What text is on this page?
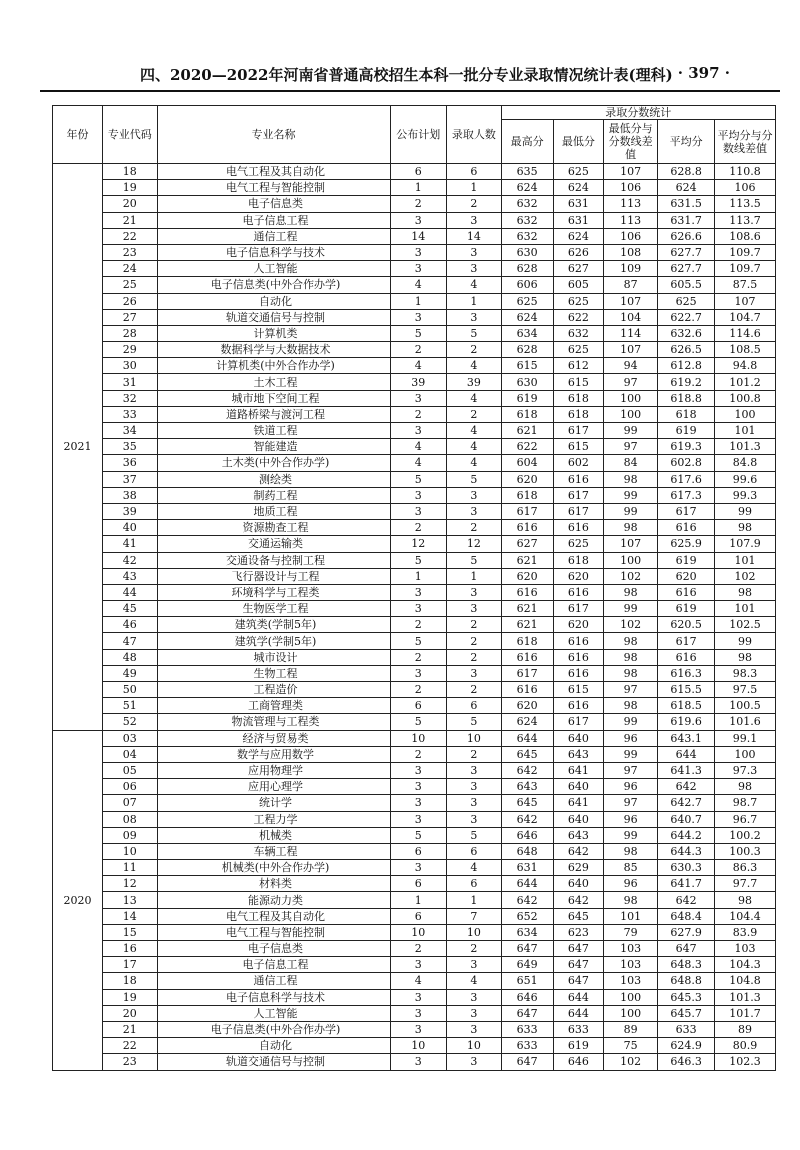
四、2020—2022年河南省普通高校招生本科一批分专业录取情况统计表(理科) · 397 ·
年份	专业代码	专业名称	公布计划	录取人数	录取分数统计				
					最高分	最低分	最低分与分数线差值	平均分	平均分与分数线差值
2021	18	电气工程及其自动化	6	6	635	625	107	628.8	110.8
	19	电气工程与智能控制	1	1	624	624	106	624	106
	20	电子信息类	2	2	632	631	113	631.5	113.5
	21	电子信息工程	3	3	632	631	113	631.7	113.7
	22	通信工程	14	14	632	624	106	626.6	108.6
	23	电子信息科学与技术	3	3	630	626	108	627.7	109.7
	24	人工智能	3	3	628	627	109	627.7	109.7
	25	电子信息类(中外合作办学)	4	4	606	605	87	605.5	87.5
	26	自动化	1	1	625	625	107	625	107
	27	轨道交通信号与控制	3	3	624	622	104	622.7	104.7
	28	计算机类	5	5	634	632	114	632.6	114.6
	29	数据科学与大数据技术	2	2	628	625	107	626.5	108.5
	30	计算机类(中外合作办学)	4	4	615	612	94	612.8	94.8
	31	土木工程	39	39	630	615	97	619.2	101.2
	32	城市地下空间工程	3	4	619	618	100	618.8	100.8
	33	道路桥梁与渡河工程	2	2	618	618	100	618	100
	34	铁道工程	3	4	621	617	99	619	101
	35	智能建造	4	4	622	615	97	619.3	101.3
	36	土木类(中外合作办学)	4	4	604	602	84	602.8	84.8
	37	测绘类	5	5	620	616	98	617.6	99.6
	38	制药工程	3	3	618	617	99	617.3	99.3
	39	地质工程	3	3	617	617	99	617	99
	40	资源勘查工程	2	2	616	616	98	616	98
	41	交通运输类	12	12	627	625	107	625.9	107.9
	42	交通设备与控制工程	5	5	621	618	100	619	101
	43	飞行器设计与工程	1	1	620	620	102	620	102
	44	环境科学与工程类	3	3	616	616	98	616	98
	45	生物医学工程	3	3	621	617	99	619	101
	46	建筑类(学制5年)	2	2	621	620	102	620.5	102.5
	47	建筑学(学制5年)	5	2	618	616	98	617	99
	48	城市设计	2	2	616	616	98	616	98
	49	生物工程	3	3	617	616	98	616.3	98.3
	50	工程造价	2	2	616	615	97	615.5	97.5
	51	工商管理类	6	6	620	616	98	618.5	100.5
	52	物流管理与工程类	5	5	624	617	99	619.6	101.6
2020	03	经济与贸易类	10	10	644	640	96	643.1	99.1
	04	数学与应用数学	2	2	645	643	99	644	100
	05	应用物理学	3	3	642	641	97	641.3	97.3
	06	应用心理学	3	3	643	640	96	642	98
	07	统计学	3	3	645	641	97	642.7	98.7
	08	工程力学	3	3	642	640	96	640.7	96.7
	09	机械类	5	5	646	643	99	644.2	100.2
	10	车辆工程	6	6	648	642	98	644.3	100.3
	11	机械类(中外合作办学)	3	4	631	629	85	630.3	86.3
	12	材料类	6	6	644	640	96	641.7	97.7
	13	能源动力类	1	1	642	642	98	642	98
	14	电气工程及其自动化	6	7	652	645	101	648.4	104.4
	15	电气工程与智能控制	10	10	634	623	79	627.9	83.9
	16	电子信息类	2	2	647	647	103	647	103
	17	电子信息工程	3	3	649	647	103	648.3	104.3
	18	通信工程	4	4	651	647	103	648.8	104.8
	19	电子信息科学与技术	3	3	646	644	100	645.3	101.3
	20	人工智能	3	3	647	644	100	645.7	101.7
	21	电子信息类(中外合作办学)	3	3	633	633	89	633	89
	22	自动化	10	10	633	619	75	624.9	80.9
	23	轨道交通信号与控制	3	3	647	646	102	646.3	102.3
